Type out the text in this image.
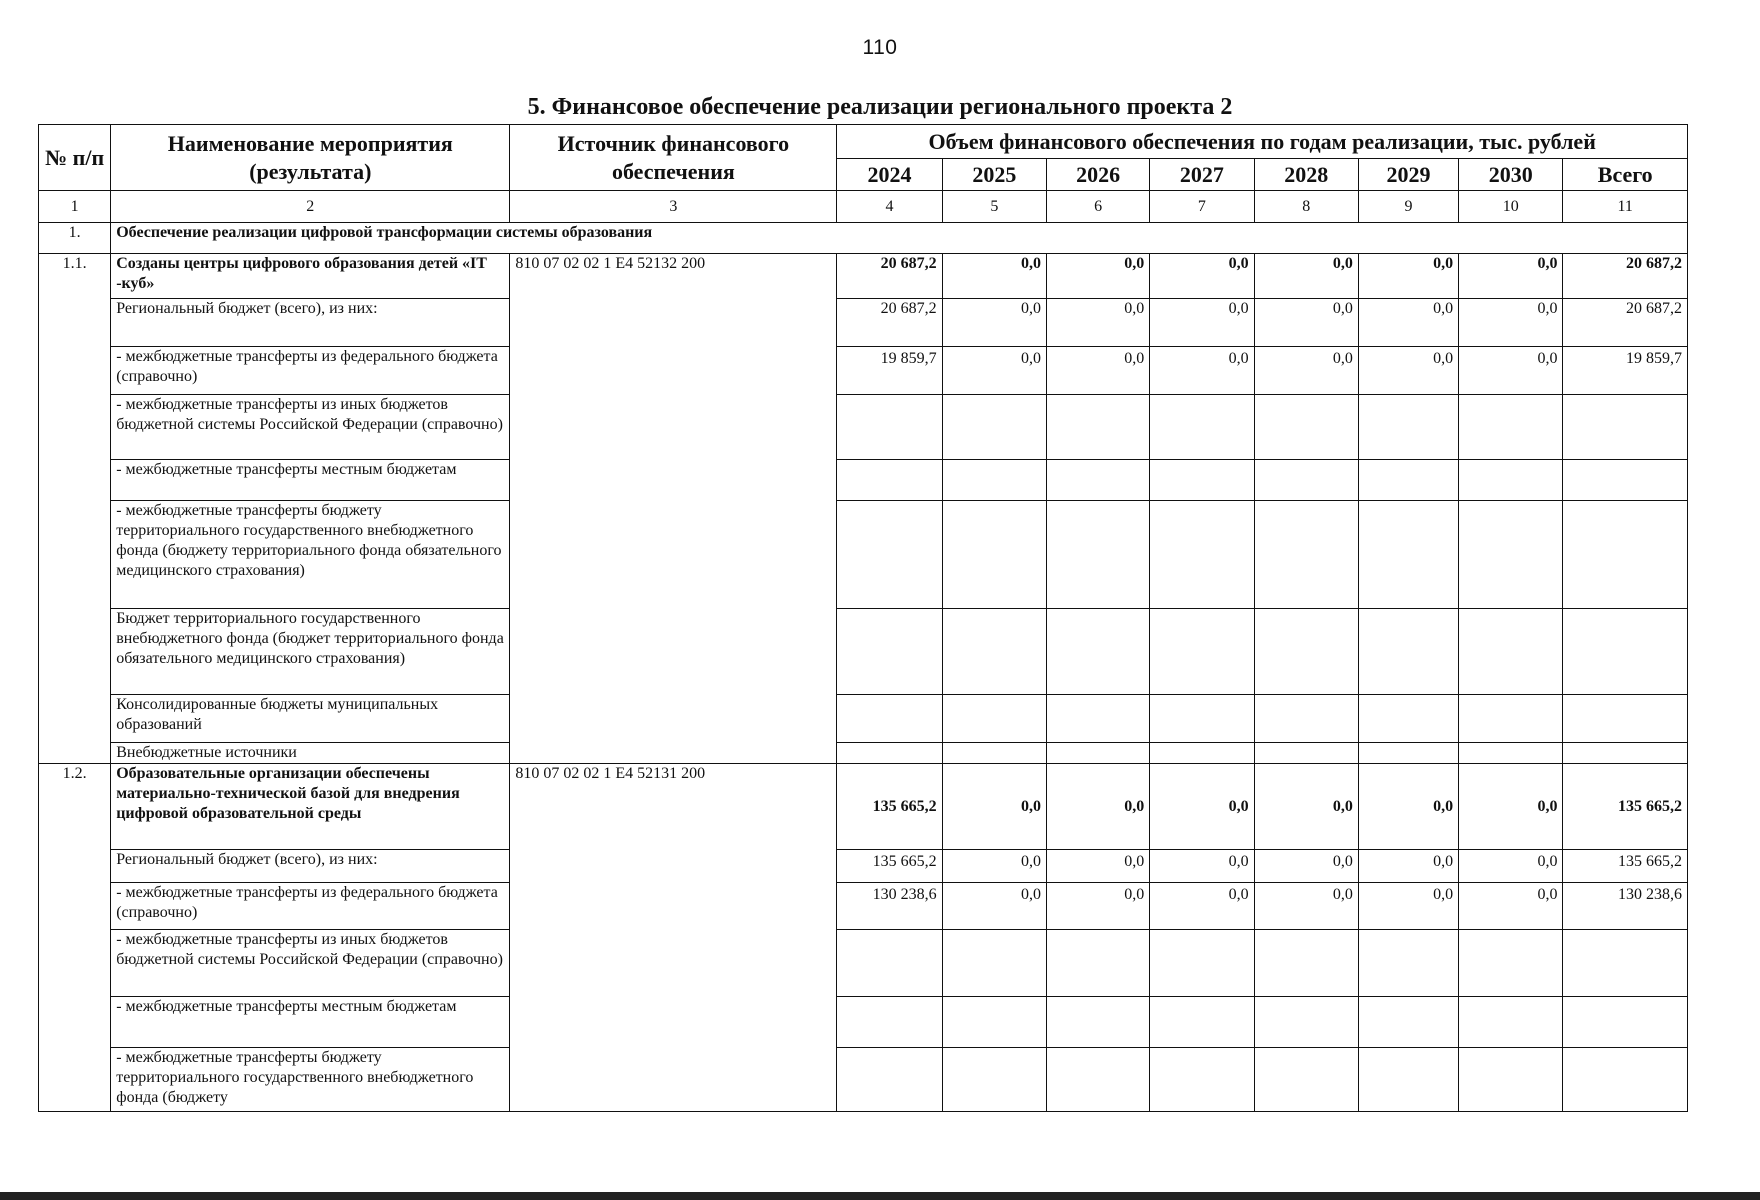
110
5. Финансовое обеспечение реализации регионального проекта 2
№ п/п	Наименование мероприятия (результата)	Источник финансового обеспечения	Объем финансового обеспечения по годам реализации, тыс. рублей							
			2024	2025	2026	2027	2028	2029	2030	Всего
1	2	3	4	5	6	7	8	9	10	11
1.	Обеспечение реализации цифровой трансформации системы образования									
1.1.	Созданы центры цифрового образования детей «IT -куб»	810 07 02 02 1 E4 52132 200	20 687,2	0,0	0,0	0,0	0,0	0,0	0,0	20 687,2
	Региональный бюджет (всего), из них:		20 687,2	0,0	0,0	0,0	0,0	0,0	0,0	20 687,2
	- межбюджетные трансферты из федерального бюджета (справочно)		19 859,7	0,0	0,0	0,0	0,0	0,0	0,0	19 859,7
	- межбюджетные трансферты из иных бюджетов бюджетной системы Российской Федерации (справочно)									
	- межбюджетные трансферты местным бюджетам									
	- межбюджетные трансферты бюджету территориального государственного внебюджетного фонда (бюджету территориального фонда обязательного медицинского страхования)									
	Бюджет территориального государственного внебюджетного фонда (бюджет территориального фонда обязательного медицинского страхования)									
	Консолидированные бюджеты муниципальных образований									
	Внебюджетные источники									
1.2.	Образовательные организации обеспечены материально-технической базой для внедрения цифровой образовательной среды	810 07 02 02 1 E4 52131 200	135 665,2	0,0	0,0	0,0	0,0	0,0	0,0	135 665,2
	Региональный бюджет (всего), из них:		135 665,2	0,0	0,0	0,0	0,0	0,0	0,0	135 665,2
	- межбюджетные трансферты из федерального бюджета (справочно)		130 238,6	0,0	0,0	0,0	0,0	0,0	0,0	130 238,6
	- межбюджетные трансферты из иных бюджетов бюджетной системы Российской Федерации (справочно)									
	- межбюджетные трансферты местным бюджетам									
	- межбюджетные трансферты бюджету территориального государственного внебюджетного фонда (бюджету									
